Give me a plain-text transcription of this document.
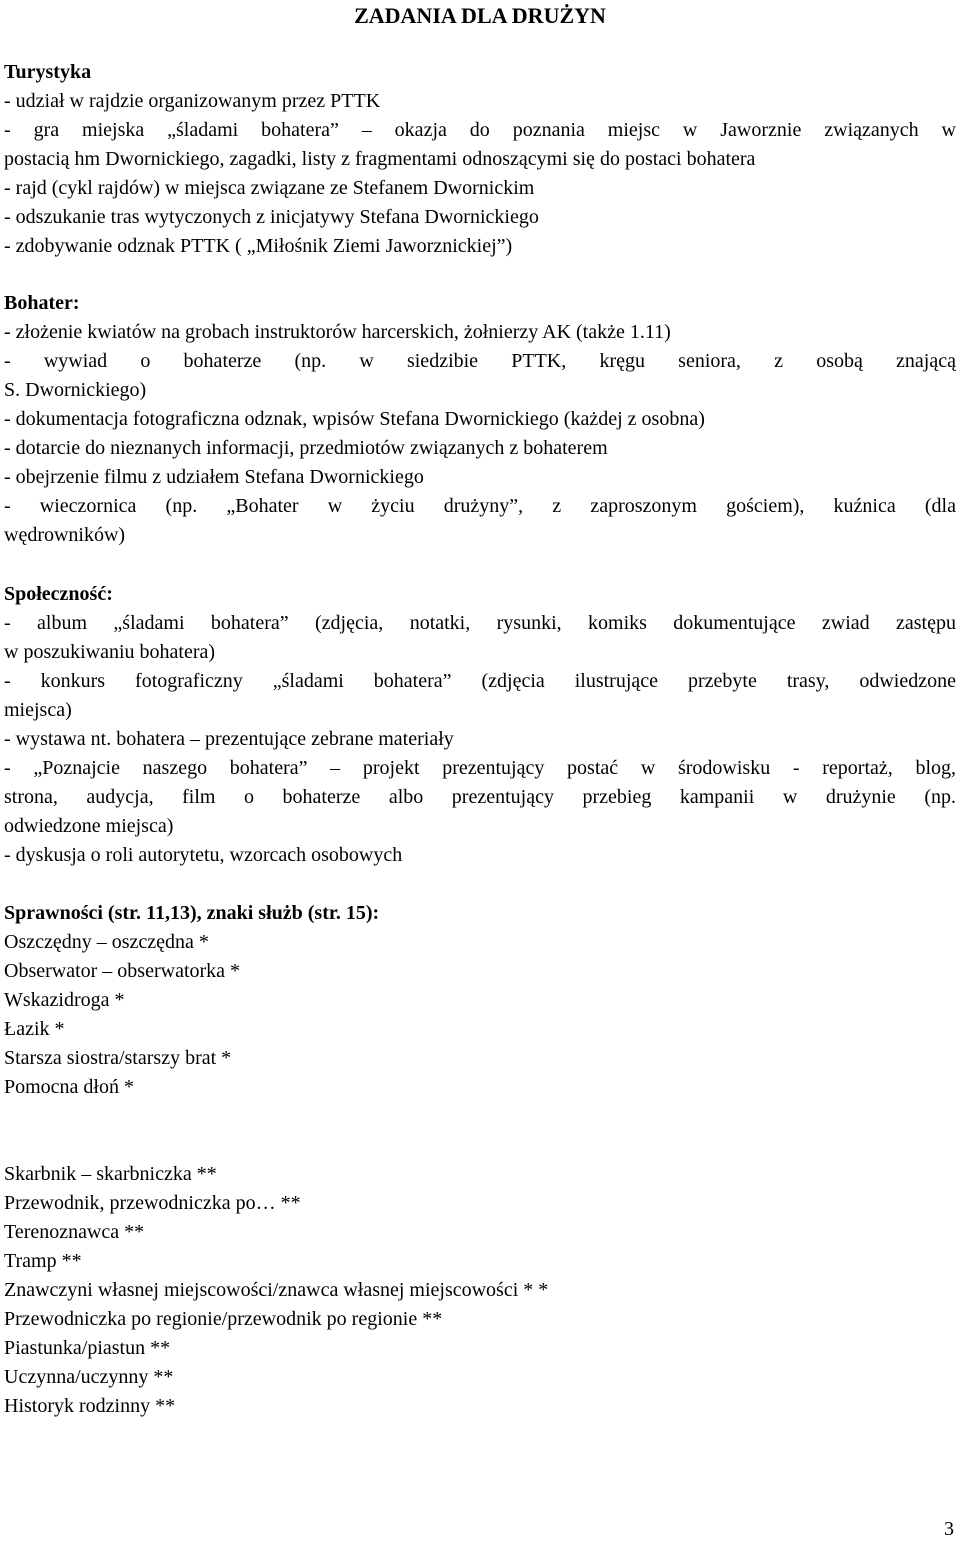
ZADANIA DLA DRUŻYN
Turystyka
- udział w rajdzie organizowanym przez PTTK
- gra miejska „śladami bohatera” – okazja do poznania miejsc w Jaworznie związanych w
postacią hm Dwornickiego, zagadki, listy z fragmentami odnoszącymi się do postaci bohatera
- rajd (cykl rajdów) w miejsca związane ze Stefanem Dwornickim
- odszukanie tras wytyczonych z inicjatywy Stefana Dwornickiego
- zdobywanie odznak PTTK ( „Miłośnik Ziemi Jaworznickiej”)
Bohater:
- złożenie kwiatów na grobach instruktorów harcerskich, żołnierzy AK (także 1.11)
- wywiad o bohaterze (np. w siedzibie PTTK, kręgu seniora, z osobą znającą
S. Dwornickiego)
- dokumentacja fotograficzna odznak, wpisów Stefana Dwornickiego (każdej z osobna)
- dotarcie do nieznanych informacji, przedmiotów związanych z bohaterem
- obejrzenie filmu z udziałem Stefana Dwornickiego
- wieczornica (np. „Bohater w życiu drużyny”, z zaproszonym gościem), kuźnica (dla
wędrowników)
Społeczność:
- album „śladami bohatera” (zdjęcia, notatki, rysunki, komiks dokumentujące zwiad zastępu
w poszukiwaniu bohatera)
- konkurs fotograficzny „śladami bohatera” (zdjęcia ilustrujące przebyte trasy, odwiedzone
miejsca)
- wystawa nt. bohatera – prezentujące zebrane materiały
- „Poznajcie naszego bohatera” – projekt prezentujący postać w środowisku - reportaż, blog,
strona, audycja, film o bohaterze albo prezentujący przebieg kampanii w drużynie (np.
odwiedzone miejsca)
- dyskusja o roli autorytetu, wzorcach osobowych
Sprawności (str. 11,13), znaki służb (str. 15):
Oszczędny – oszczędna *
Obserwator – obserwatorka *
Wskazidroga *
Łazik *
Starsza siostra/starszy brat *
Pomocna dłoń *
Skarbnik – skarbniczka **
Przewodnik, przewodniczka po… **
Terenoznawca **
Tramp **
Znawczyni własnej miejscowości/znawca własnej miejscowości * *
Przewodniczka po regionie/przewodnik po regionie **
Piastunka/piastun **
Uczynna/uczynny **
Historyk rodzinny **
3
